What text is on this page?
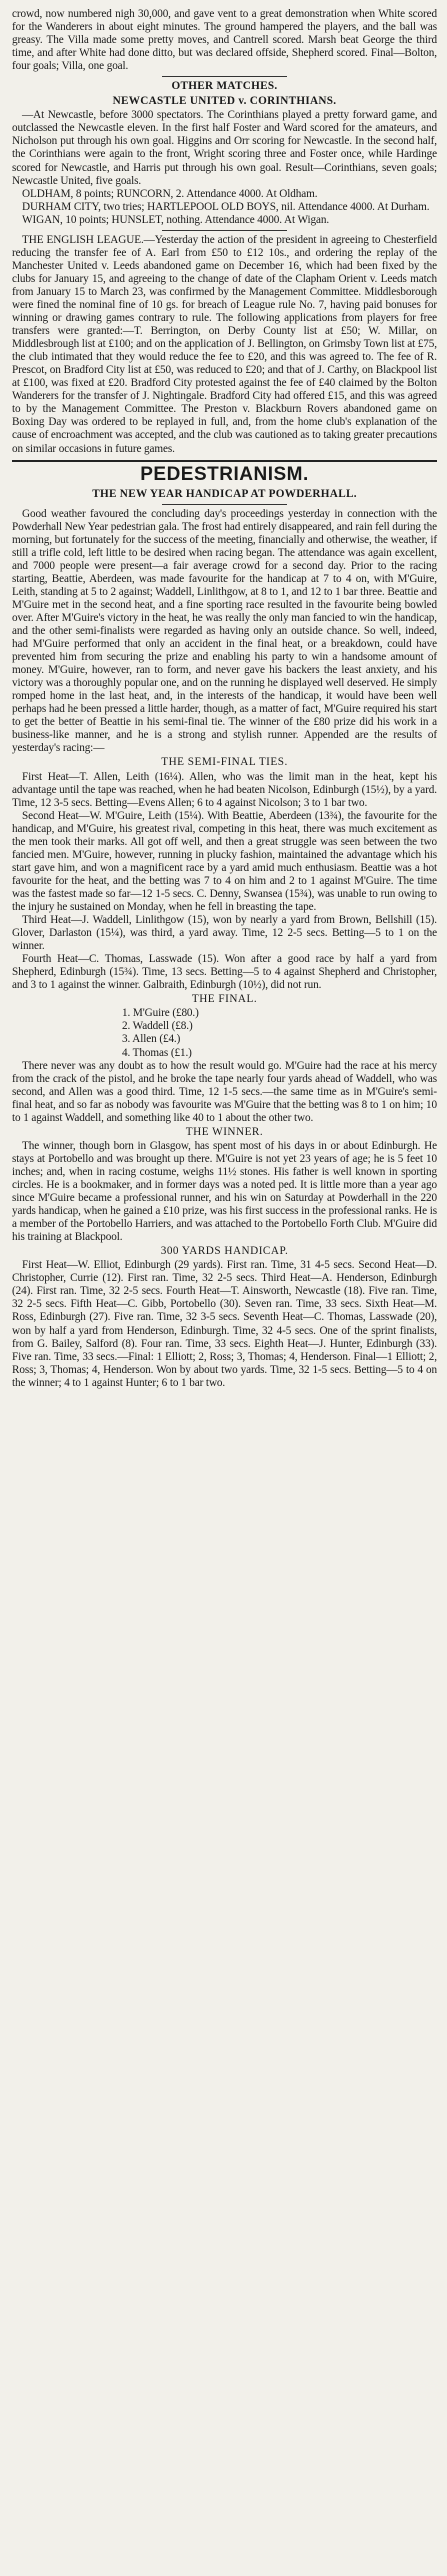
crowd, now numbered nigh 30,000, and gave vent to a great demonstration when White scored for the Wanderers in about eight minutes. The ground hampered the players, and the ball was greasy. The Villa made some pretty moves, and Cantrell scored. Marsh beat George the third time, and after White had done ditto, but was declared offside, Shepherd scored. Final—Bolton, four goals; Villa, one goal.

OTHER MATCHES.
NEWCASTLE UNITED v. CORINTHIANS.

—At Newcastle, before 3000 spectators. The Corinthians played a pretty forward game, and outclassed the Newcastle eleven. In the first half Foster and Ward scored for the amateurs, and Nicholson put through his own goal. Higgins and Orr scoring for Newcastle. In the second half, the Corinthians were again to the front, Wright scoring three and Foster once, while Hardinge scored for Newcastle, and Harris put through his own goal. Result—Corinthians, seven goals; Newcastle United, five goals.

OLDHAM, 8 points; RUNCORN, 2. Attendance 4000. At Oldham.

DURHAM CITY, two tries; HARTLEPOOL OLD BOYS, nil. Attendance 4000. At Durham.

WIGAN, 10 points; HUNSLET, nothing. Attendance 4000. At Wigan.

THE ENGLISH LEAGUE.—Yesterday the action of the president in agreeing to Chesterfield reducing the transfer fee of A. Earl from £50 to £12 10s., and ordering the replay of the Manchester United v. Leeds abandoned game on December 16, which had been fixed by the clubs for January 15, and agreeing to the change of date of the Clapham Orient v. Leeds match from January 15 to March 23, was confirmed by the Management Committee. Middlesborough were fined the nominal fine of 10 gs. for breach of League rule No. 7, having paid bonuses for winning or drawing games contrary to rule. The following applications from players for free transfers were granted:—T. Berrington, on Derby County list at £50; W. Millar, on Middlesbrough list at £100; and on the application of J. Bellington, on Grimsby Town list at £75, the club intimated that they would reduce the fee to £20, and this was agreed to. The fee of R. Prescot, on Bradford City list at £50, was reduced to £20; and that of J. Carthy, on Blackpool list at £100, was fixed at £20. Bradford City protested against the fee of £40 claimed by the Bolton Wanderers for the transfer of J. Nightingale. Bradford City had offered £15, and this was agreed to by the Management Committee. The Preston v. Blackburn Rovers abandoned game on Boxing Day was ordered to be replayed in full, and, from the home club's explanation of the cause of encroachment was accepted, and the club was cautioned as to taking greater precautions on similar occasions in future games.

PEDESTRIANISM.
THE NEW YEAR HANDICAP AT POWDERHALL.

Good weather favoured the concluding day's proceedings yesterday in connection with the Powderhall New Year pedestrian gala. The frost had entirely disappeared, and rain fell during the morning, but fortunately for the success of the meeting, financially and otherwise, the weather, if still a trifle cold, left little to be desired when racing began. The attendance was again excellent, and 7000 people were present—a fair average crowd for a second day. Prior to the racing starting, Beattie, Aberdeen, was made favourite for the handicap at 7 to 4 on, with M'Guire, Leith, standing at 5 to 2 against; Waddell, Linlithgow, at 8 to 1, and 12 to 1 bar three. Beattie and M'Guire met in the second heat, and a fine sporting race resulted in the favourite being bowled over. After M'Guire's victory in the heat, he was really the only man fancied to win the handicap, and the other semi-finalists were regarded as having only an outside chance. So well, indeed, had M'Guire performed that only an accident in the final heat, or a breakdown, could have prevented him from securing the prize and enabling his party to win a handsome amount of money. M'Guire, however, ran to form, and never gave his backers the least anxiety, and his victory was a thoroughly popular one, and on the running he displayed well deserved. He simply romped home in the last heat, and, in the interests of the handicap, it would have been well perhaps had he been pressed a little harder, though, as a matter of fact, M'Guire required his start to get the better of Beattie in his semi-final tie. The winner of the £80 prize did his work in a business-like manner, and he is a strong and stylish runner. Appended are the results of yesterday's racing:—

THE SEMI-FINAL TIES.

First Heat—T. Allen, Leith (16¼). Allen, who was the limit man in the heat, kept his advantage until the tape was reached, when he had beaten Nicolson, Edinburgh (15½), by a yard. Time, 12 3-5 secs. Betting—Evens Allen; 6 to 4 against Nicolson; 3 to 1 bar two.

Second Heat—W. M'Guire, Leith (15¼). With Beattie, Aberdeen (13¾), the favourite for the handicap, and M'Guire, his greatest rival, competing in this heat, there was much excitement as the men took their marks. All got off well, and then a great struggle was seen between the two fancied men. M'Guire, however, running in plucky fashion, maintained the advantage which his start gave him, and won a magnificent race by a yard amid much enthusiasm. Beattie was a hot favourite for the heat, and the betting was 7 to 4 on him and 2 to 1 against M'Guire. The time was the fastest made so far—12 1-5 secs. C. Denny, Swansea (15¾), was unable to run owing to the injury he sustained on Monday, when he fell in breasting the tape.

Third Heat—J. Waddell, Linlithgow (15), won by nearly a yard from Brown, Bellshill (15). Glover, Darlaston (15¼), was third, a yard away. Time, 12 2-5 secs. Betting—5 to 1 on the winner.

Fourth Heat—C. Thomas, Lasswade (15). Won after a good race by half a yard from Shepherd, Edinburgh (15¾). Time, 13 secs. Betting—5 to 4 against Shepherd and Christopher, and 3 to 1 against the winner. Galbraith, Edinburgh (10½), did not run.

THE FINAL.
1. M'Guire (£80.)
2. Waddell (£8.)
3. Allen (£4.)
4. Thomas (£1.)

There never was any doubt as to how the result would go. M'Guire had the race at his mercy from the crack of the pistol, and he broke the tape nearly four yards ahead of Waddell, who was second, and Allen was a good third. Time, 12 1-5 secs.—the same time as in M'Guire's semi-final heat, and so far as nobody was favourite was M'Guire that the betting was 8 to 1 on him; 10 to 1 against Waddell, and something like 40 to 1 about the other two.

THE WINNER.

The winner, though born in Glasgow, has spent most of his days in or about Edinburgh. He stays at Portobello and was brought up there. M'Guire is not yet 23 years of age; he is 5 feet 10 inches; and, when in racing costume, weighs 11½ stones. His father is well known in sporting circles. He is a bookmaker, and in former days was a noted ped. It is little more than a year ago since M'Guire became a professional runner, and his win on Saturday at Powderhall in the 220 yards handicap, when he gained a £10 prize, was his first success in the professional ranks. He is a member of the Portobello Harriers, and was attached to the Portobello Forth Club. M'Guire did his training at Blackpool.

300 YARDS HANDICAP.

First Heat—W. Elliot, Edinburgh (29 yards). First ran. Time, 31 4-5 secs. Second Heat—D. Christopher, Currie (12). First ran. Time, 32 2-5 secs. Third Heat—A. Henderson, Edinburgh (24). First ran. Time, 32 2-5 secs. Fourth Heat—T. Ainsworth, Newcastle (18). Five ran. Time, 32 2-5 secs. Fifth Heat—C. Gibb, Portobello (30). Seven ran. Time, 33 secs. Sixth Heat—M. Ross, Edinburgh (27). Five ran. Time, 32 3-5 secs. Seventh Heat—C. Thomas, Lasswade (20), won by half a yard from Henderson, Edinburgh. Time, 32 4-5 secs. One of the sprint finalists, from G. Bailey, Salford (8). Four ran. Time, 33 secs. Eighth Heat—J. Hunter, Edinburgh (33). Five ran. Time, 33 secs.—Final: 1 Elliott; 2, Ross; 3, Thomas; 4, Henderson. Final—1 Elliott; 2, Ross; 3, Thomas; 4, Henderson. Won by about two yards. Time, 32 1-5 secs. Betting—5 to 4 on the winner; 4 to 1 against Hunter; 6 to 1 bar two.
